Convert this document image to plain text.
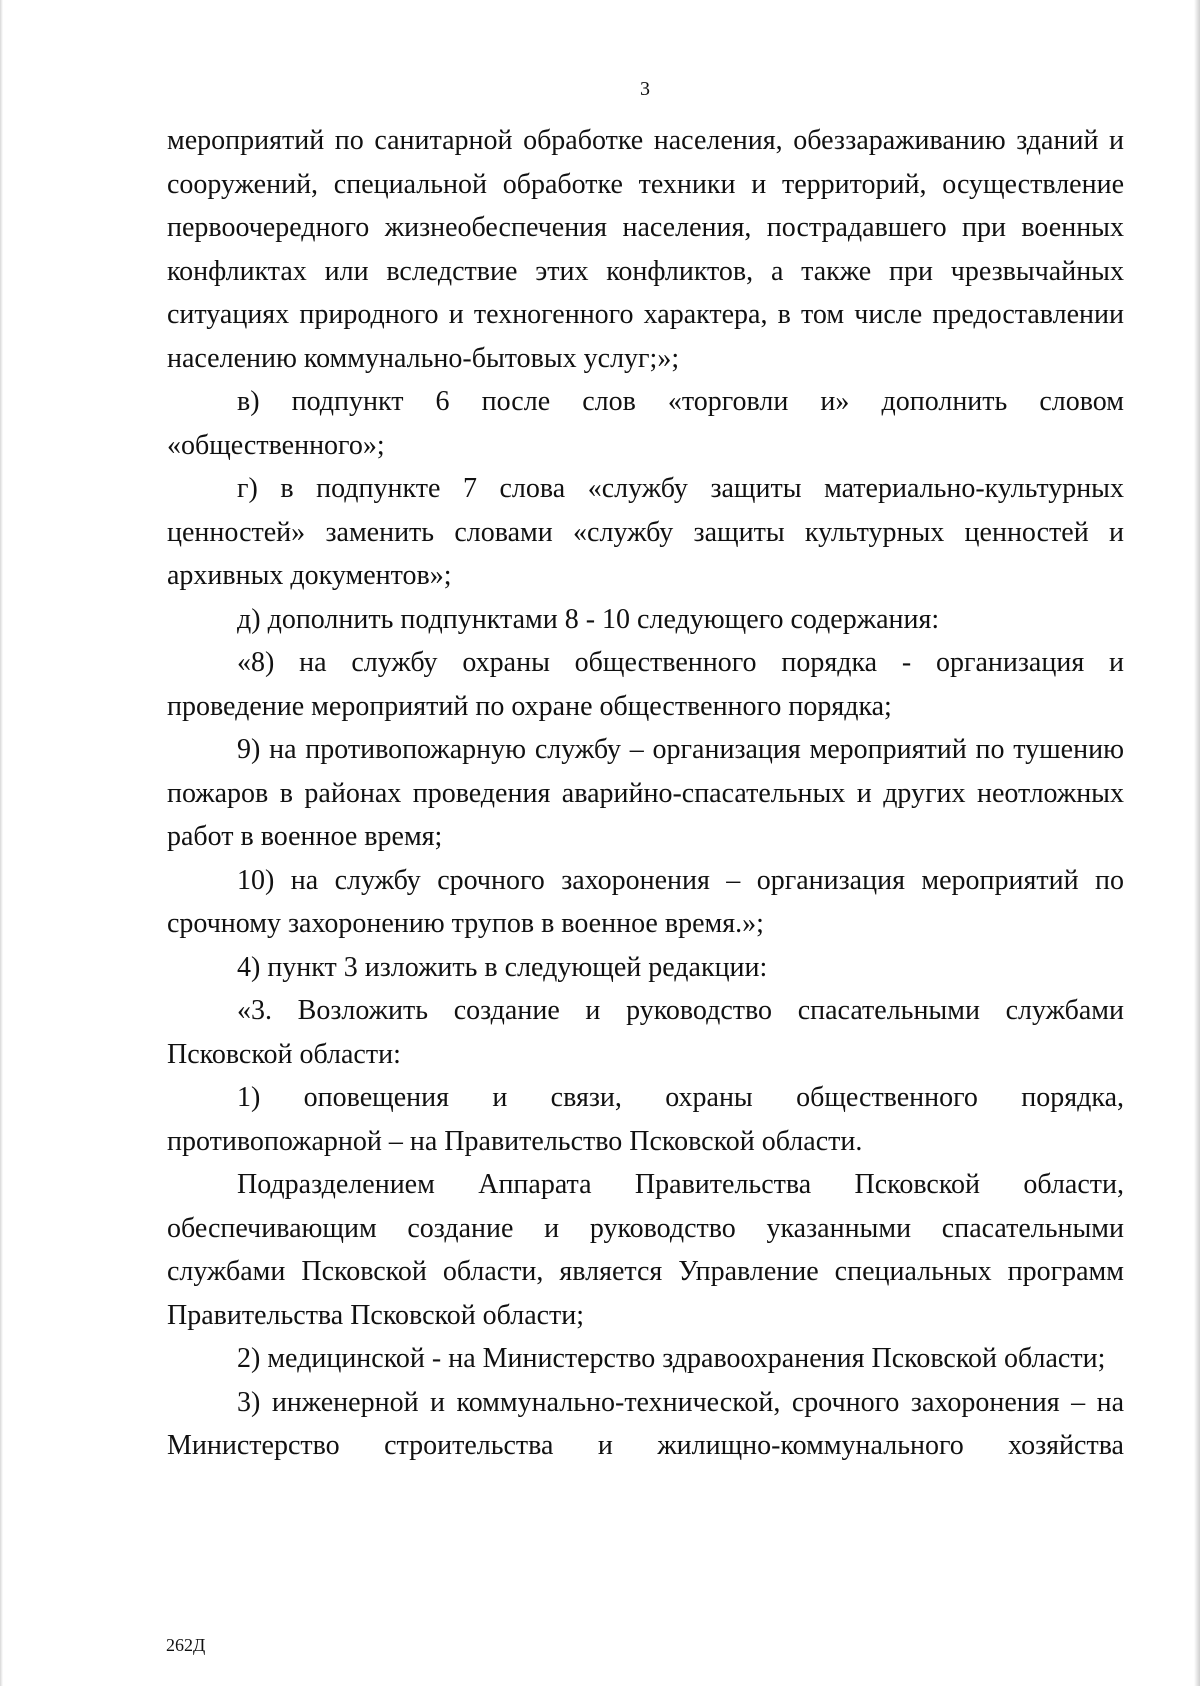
3

мероприятий по санитарной обработке населения, обеззараживанию зданий и сооружений, специальной обработке техники и территорий, осуществление первоочередного жизнеобеспечения населения, пострадавшего при военных конфликтах или вследствие этих конфликтов, а также при чрезвычайных ситуациях природного и техногенного характера, в том числе предоставлении населению коммунально-бытовых услуг;»;

в) подпункт 6 после слов «торговли и» дополнить словом «общественного»;

г) в подпункте 7 слова «службу защиты материально-культурных ценностей» заменить словами «службу защиты культурных ценностей и архивных документов»;

д) дополнить подпунктами 8 - 10 следующего содержания:

«8) на службу охраны общественного порядка - организация и проведение мероприятий по охране общественного порядка;

9) на противопожарную службу – организация мероприятий по тушению пожаров в районах проведения аварийно-спасательных и других неотложных работ в военное время;

10) на службу срочного захоронения – организация мероприятий по срочному захоронению трупов в военное время.»;

4) пункт 3 изложить в следующей редакции:

«3. Возложить создание и руководство спасательными службами Псковской области:

1) оповещения и связи, охраны общественного порядка, противопожарной – на Правительство Псковской области.

Подразделением Аппарата Правительства Псковской области, обеспечивающим создание и руководство указанными спасательными службами Псковской области, является Управление специальных программ Правительства Псковской области;

2) медицинской - на Министерство здравоохранения Псковской области;

3) инженерной и коммунально-технической, срочного захоронения – на Министерство строительства и жилищно-коммунального хозяйства

262Д
